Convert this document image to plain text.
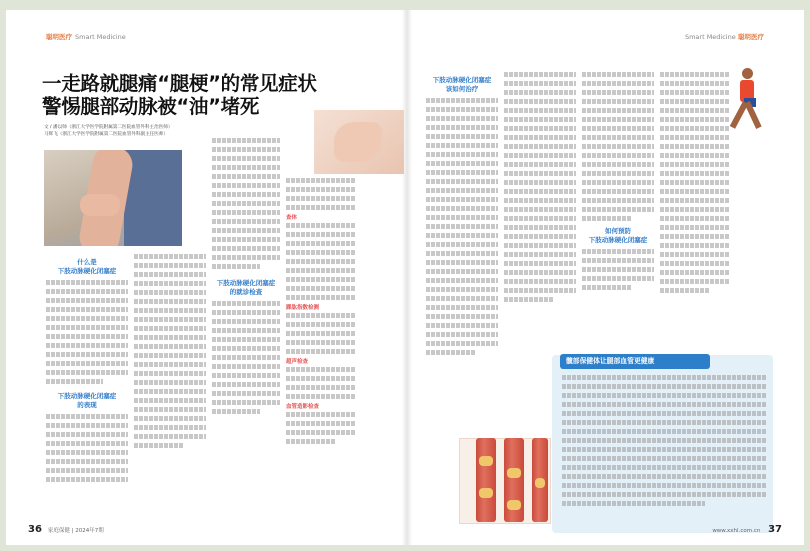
聪明医疗 Smart Medicine	Smart Medicine 聪明医疗
一走路就腿痛“腿梗”的常见症状
警惕腿部动脉被“油”堵死
文 / 潘以帅（浙江大学医学院附属第二医院血管外科主治医师）
马辉飞（浙江大学医学院附属第二医院血管外科副主任医师）
什么是
下肢动脉硬化闭塞症
下肢动脉硬化闭塞症
的表现
下肢动脉硬化闭塞症
的就诊检查
查体
踝肱指数检测
超声检查
血管造影检查
下肢动脉硬化闭塞症
该如何治疗
如何预防
下肢动脉硬化闭塞症
髋部保健体让腿部血管更健康
36 家庭保健 | 2024年7期	www.xxhl.com.cn 37
